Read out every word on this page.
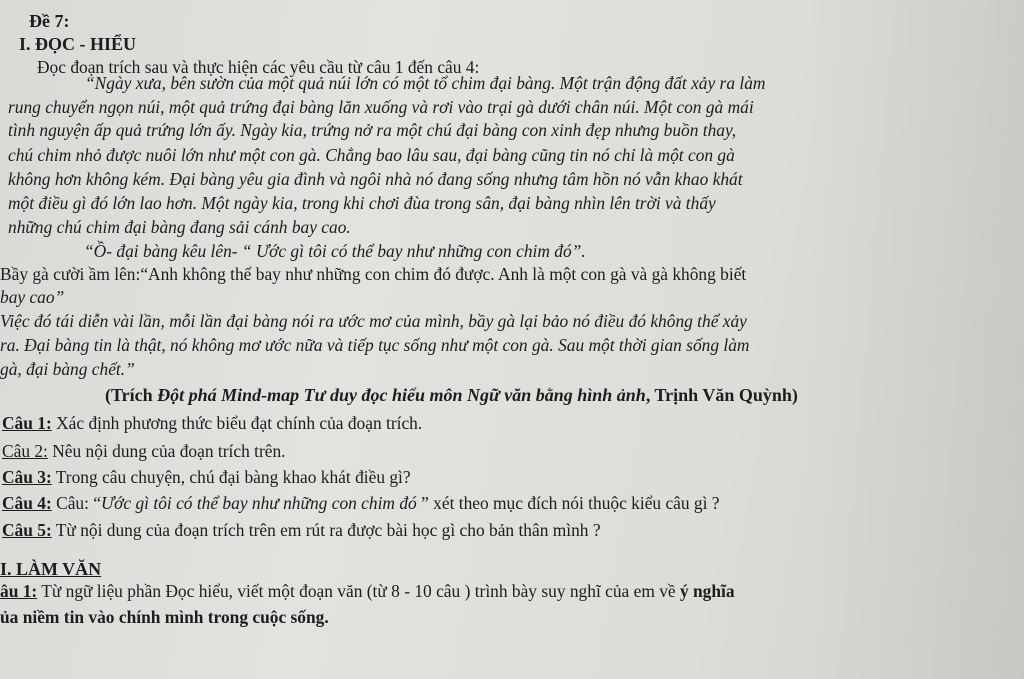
Đề 7:
I. ĐỌC - HIỂU
Đọc đoạn trích sau và thực hiện các yêu cầu từ câu 1 đến câu 4:
“Ngày xưa, bên sườn của một quả núi lớn có một tổ chim đại bàng. Một trận động đất xảy ra làm
rung chuyển ngọn núi, một quả trứng đại bàng lăn xuống và rơi vào trại gà dưới chân núi. Một con gà mái
tình nguyện ấp quả trứng lớn ấy. Ngày kia, trứng nở ra một chú đại bàng con xinh đẹp nhưng buồn thay,
chú chim nhỏ được nuôi lớn như một con gà. Chẳng bao lâu sau, đại bàng cũng tin nó chỉ là một con gà
không hơn không kém. Đại bàng yêu gia đình và ngôi nhà nó đang sống nhưng tâm hồn nó vẫn khao khát
một điều gì đó lớn lao hơn. Một ngày kia, trong khi chơi đùa trong sân, đại bàng nhìn lên trời và thấy
những chú chim đại bàng đang sải cánh bay cao.
“Ồ- đại bàng kêu lên- “ Ước gì tôi có thể bay như những con chim đó”.
Bầy gà cười ầm lên:“Anh không thể bay như những con chim đó được. Anh là một con gà và gà không biết
bay cao”
Việc đó tái diễn vài lần, mỗi lần đại bàng nói ra ước mơ của mình, bầy gà lại bảo nó điều đó không thể xảy
ra. Đại bàng tin là thật, nó không mơ ước nữa và tiếp tục sống như một con gà. Sau một thời gian sống làm
gà, đại bàng chết.”
(Trích Đột phá Mind-map Tư duy đọc hiểu môn Ngữ văn bằng hình ảnh, Trịnh Văn Quỳnh)
Câu 1: Xác định phương thức biểu đạt chính của đoạn trích.
Câu 2: Nêu nội dung của đoạn trích trên.
Câu 3: Trong câu chuyện, chú đại bàng khao khát điều gì?
Câu 4: Câu: “Ước gì tôi có thể bay như những con chim đó ” xét theo mục đích nói thuộc kiểu câu gì ?
Câu 5: Từ nội dung của đoạn trích trên em rút ra được bài học gì cho bản thân mình ?
I. LÀM VĂN
âu 1: Từ ngữ liệu phần Đọc hiểu, viết một đoạn văn (từ 8 - 10 câu ) trình bày suy nghĩ của em về ý nghĩa
ủa niềm tin vào chính mình trong cuộc sống.
